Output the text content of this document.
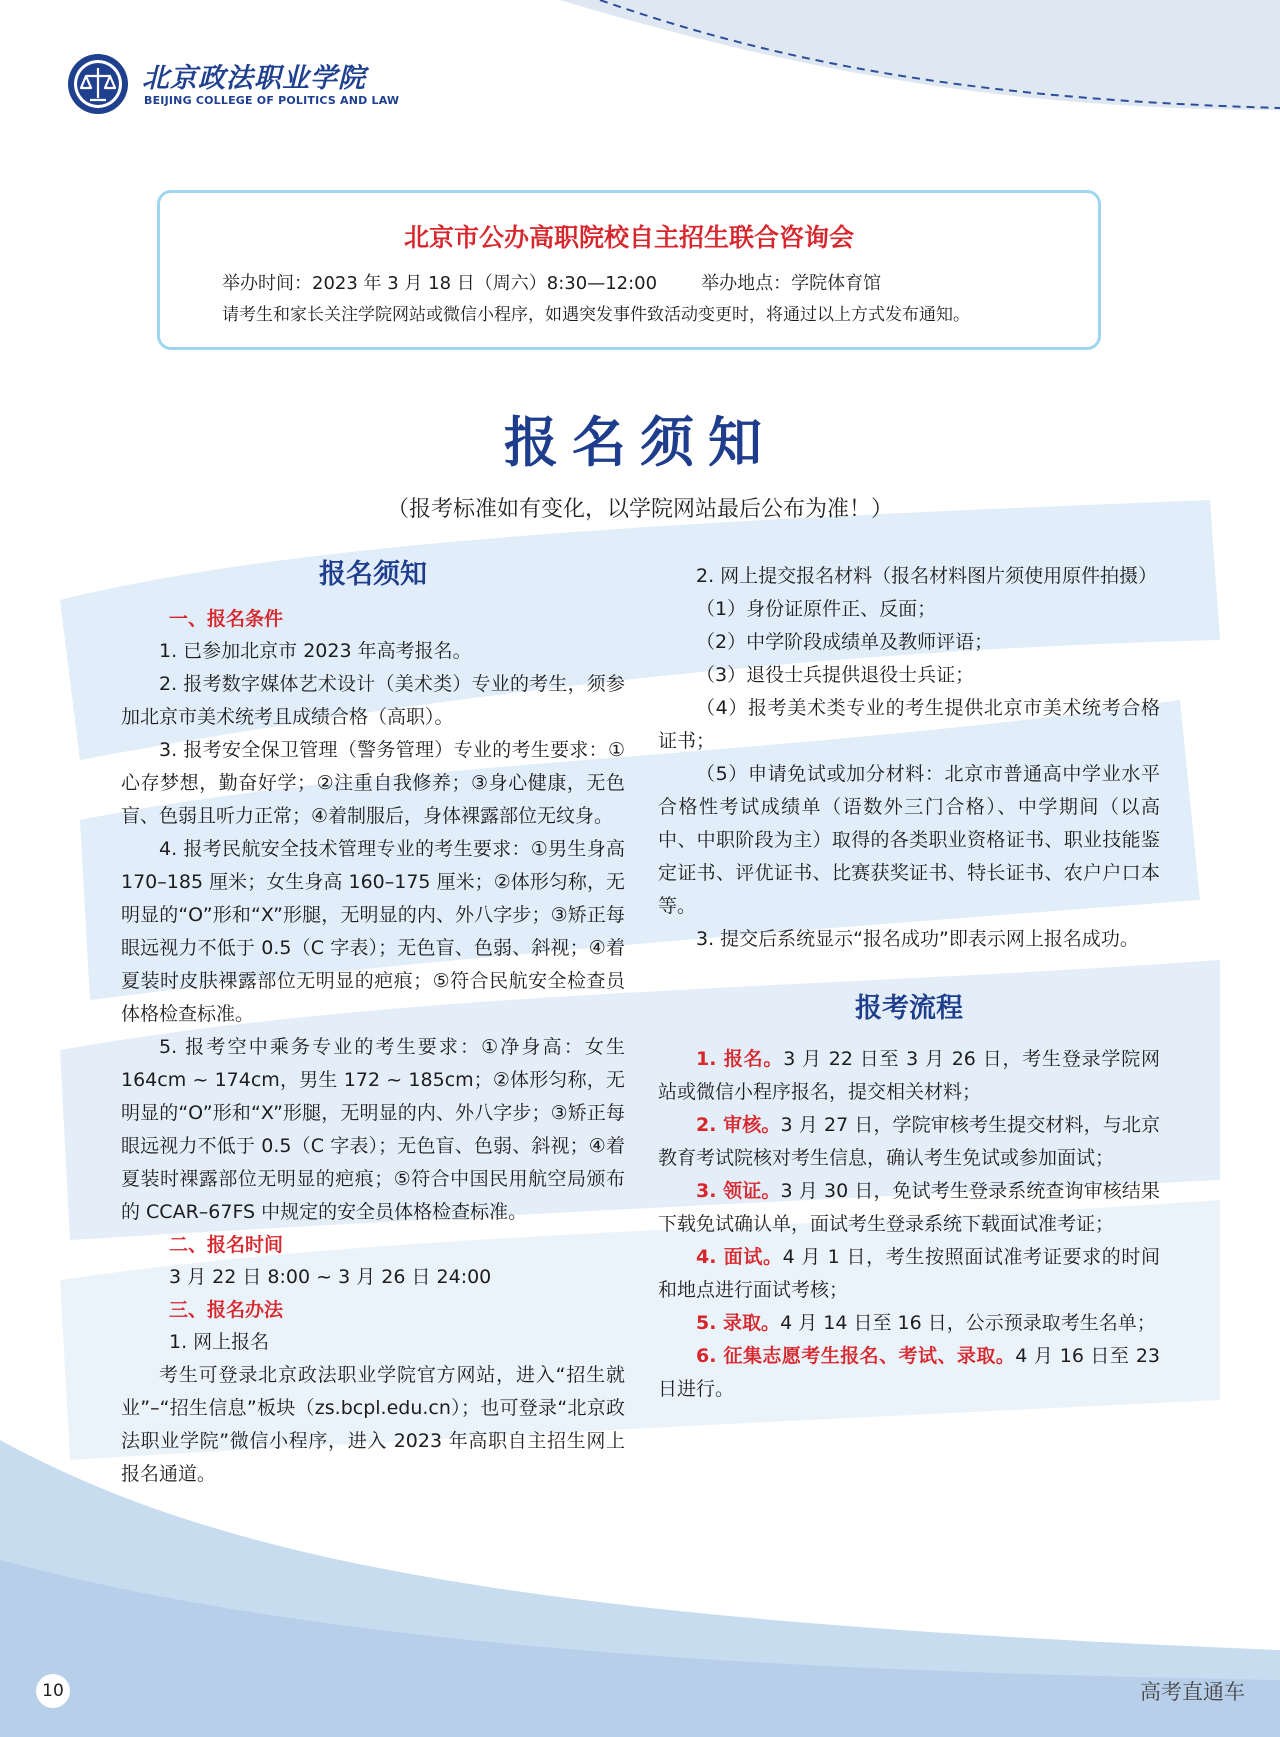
北京政法职业学院
BEIJING COLLEGE OF POLITICS AND LAW
北京市公办高职院校自主招生联合咨询会
举办时间：2023 年 3 月 18 日（周六）8:30—12:00 举办地点：学院体育馆
请考生和家长关注学院网站或微信小程序，如遇突发事件致活动变更时，将通过以上方式发布通知。
报名须知
（报考标准如有变化，以学院网站最后公布为准！）
报名须知
一、报名条件

1. 已参加北京市 2023 年高考报名。

2. 报考数字媒体艺术设计（美术类）专业的考生，须参加北京市美术统考且成绩合格（高职）。

3. 报考安全保卫管理（警务管理）专业的考生要求：①心存梦想，勤奋好学；②注重自我修养；③身心健康，无色盲、色弱且听力正常；④着制服后，身体裸露部位无纹身。

4. 报考民航安全技术管理专业的考生要求：①男生身高 170–185 厘米；女生身高 160–175 厘米；②体形匀称，无明显的“O”形和“X”形腿，无明显的内、外八字步；③矫正每眼远视力不低于 0.5（C 字表）；无色盲、色弱、斜视；④着夏装时皮肤裸露部位无明显的疤痕；⑤符合民航安全检查员体格检查标准。

5. 报考空中乘务专业的考生要求：①净身高：女生 164cm ~ 174cm，男生 172 ~ 185cm；②体形匀称，无明显的“O”形和“X”形腿，无明显的内、外八字步；③矫正每眼远视力不低于 0.5（C 字表）；无色盲、色弱、斜视；④着夏装时裸露部位无明显的疤痕；⑤符合中国民用航空局颁布的 CCAR–67FS 中规定的安全员体格检查标准。

二、报名时间

3 月 22 日 8:00 ~ 3 月 26 日 24:00

三、报名办法

1. 网上报名

考生可登录北京政法职业学院官方网站，进入“招生就业”–“招生信息”板块（zs.bcpl.edu.cn）；也可登录“北京政法职业学院”微信小程序，进入 2023 年高职自主招生网上报名通道。

2. 网上提交报名材料（报名材料图片须使用原件拍摄）

（1）身份证原件正、反面；

（2）中学阶段成绩单及教师评语；

（3）退役士兵提供退役士兵证；

（4）报考美术类专业的考生提供北京市美术统考合格证书；

（5）申请免试或加分材料：北京市普通高中学业水平合格性考试成绩单（语数外三门合格）、中学期间（以高中、中职阶段为主）取得的各类职业资格证书、职业技能鉴定证书、评优证书、比赛获奖证书、特长证书、农户户口本等。

3. 提交后系统显示“报名成功”即表示网上报名成功。

报考流程

1. 报名。3 月 22 日至 3 月 26 日，考生登录学院网站或微信小程序报名，提交相关材料；

2. 审核。3 月 27 日，学院审核考生提交材料，与北京教育考试院核对考生信息，确认考生免试或参加面试；

3. 领证。3 月 30 日，免试考生登录系统查询审核结果下载免试确认单，面试考生登录系统下载面试准考证；

4. 面试。4 月 1 日，考生按照面试准考证要求的时间和地点进行面试考核；

5. 录取。4 月 14 日至 16 日，公示预录取考生名单；

6. 征集志愿考生报名、考试、录取。4 月 16 日至 23 日进行。

10	高考直通车
